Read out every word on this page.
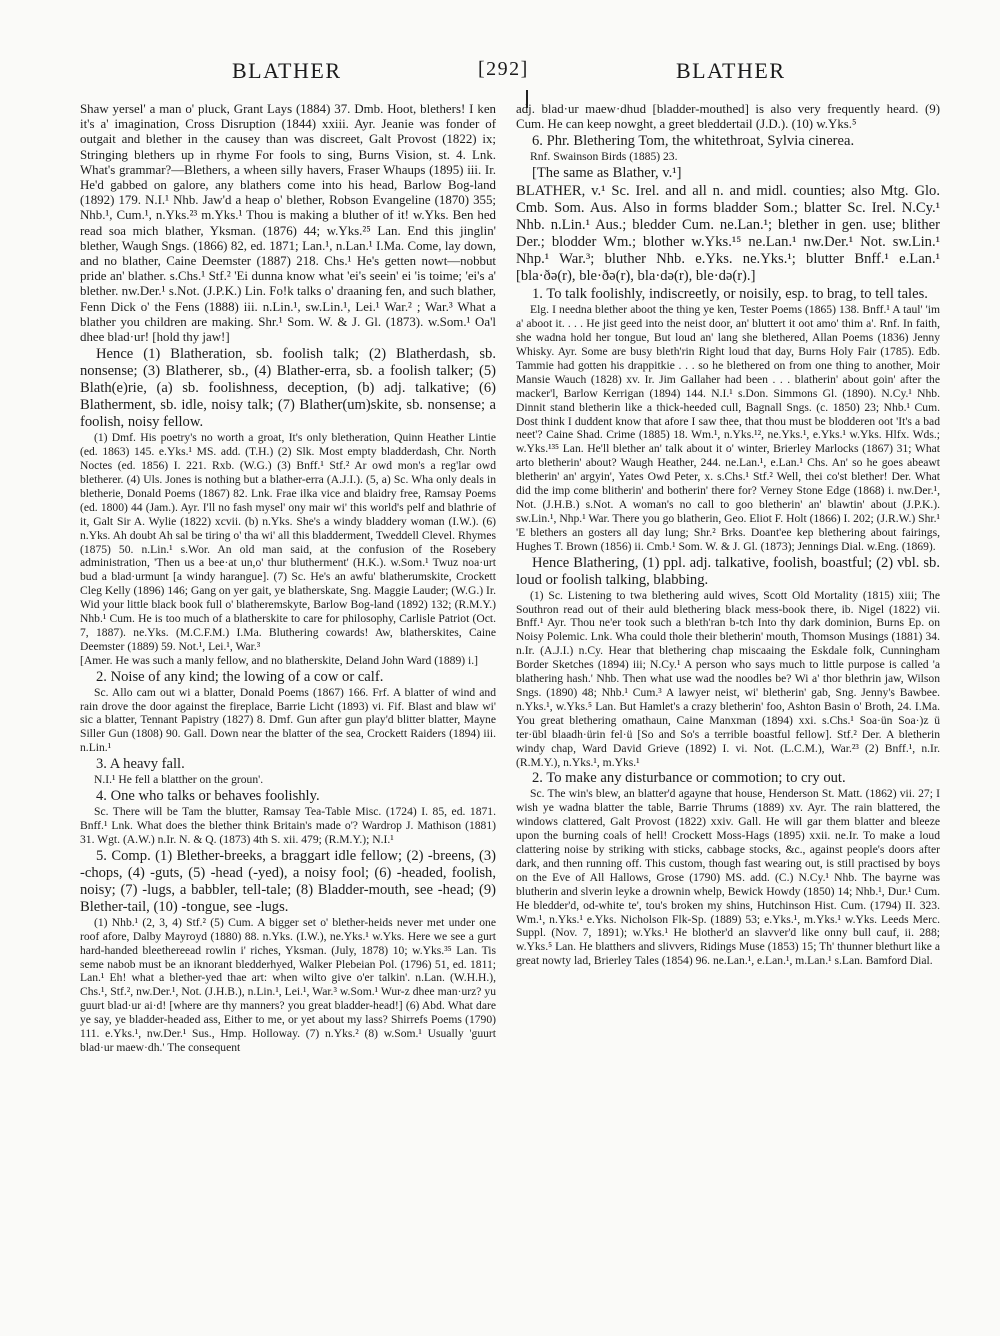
BLATHER	[292]	BLATHER

Shaw yersel' a man o' pluck, Grant Lays (1884) 37. Dmb. Hoot, blethers! I ken it's a' imagination, Cross Disruption (1844) xxiii. Ayr. Jeanie was fonder of outgait and blether in the causey than was discreet, Galt Provost (1822) ix; Stringing blethers up in rhyme For fools to sing, Burns Vision, st. 4. Lnk. What's grammar?—Blethers, a wheen silly havers, Fraser Whaups (1895) iii. Ir. He'd gabbed on galore, any blathers come into his head, Barlow Bog-land (1892) 179. N.I.¹ Nhb. Jaw'd a heap o' blether, Robson Evangeline (1870) 355; Nhb.¹, Cum.¹, n.Yks.²³ m.Yks.¹ Thou is making a bluther of it! w.Yks. Ben hed read soa mich blather, Yksman. (1876) 44; w.Yks.²⁵ Lan. End this jinglin' blether, Waugh Sngs. (1866) 82, ed. 1871; Lan.¹, n.Lan.¹ I.Ma. Come, lay down, and no blather, Caine Deemster (1887) 218. Chs.¹ He's getten nowt—nobbut pride an' blather. s.Chs.¹ Stf.² 'Ei dunna know what 'ei's seein' ei 'is toime; 'ei's a' blether. nw.Der.¹ s.Not. (J.P.K.) Lin. Fo!k talks o' draaning fen, and such blather, Fenn Dick o' the Fens (1888) iii. n.Lin.¹, sw.Lin.¹, Lei.¹ War.² ; War.³ What a blather you children are making. Shr.¹ Som. W. & J. Gl. (1873). w.Som.¹ Oa'l dhee blad·ur! [hold thy jaw!]

Hence (1) Blatheration, sb. foolish talk; (2) Blatherdash, sb. nonsense; (3) Blatherer, sb., (4) Blather-erra, sb. a foolish talker; (5) Blath(e)rie, (a) sb. foolishness, deception, (b) adj. talkative; (6) Blatherment, sb. idle, noisy talk; (7) Blather(um)skite, sb. nonsense; a foolish, noisy fellow.

(1) Dmf. His poetry's no worth a groat, It's only bletheration, Quinn Heather Lintie (ed. 1863) 145. e.Yks.¹ MS. add. (T.H.) (2) Slk. Most empty bladderdash, Chr. North Noctes (ed. 1856) I. 221. Rxb. (W.G.) (3) Bnff.¹ Stf.² Ar owd mon's a reg'lar owd bletherer. (4) Uls. Jones is nothing but a blather-erra (A.J.I.). (5, a) Sc. Wha only deals in bletherie, Donald Poems (1867) 82. Lnk. Frae ilka vice and blaidry free, Ramsay Poems (ed. 1800) 44 (Jam.). Ayr. I'll no fash mysel' ony mair wi' this world's pelf and blathrie of it, Galt Sir A. Wylie (1822) xcvii. (b) n.Yks. She's a windy bladdery woman (I.W.). (6) n.Yks. Ah doubt Ah sal be tiring o' tha wi' all this bladderment, Tweddell Clevel. Rhymes (1875) 50. n.Lin.¹ s.Wor. An old man said, at the confusion of the Rosebery administration, 'Then us a bee·at un,o' thur blutherment' (H.K.). w.Som.¹ Twuz noa·urt bud a blad·urmunt [a windy harangue]. (7) Sc. He's an awfu' blatherumskite, Crockett Cleg Kelly (1896) 146; Gang on yer gait, ye blatherskate, Sng. Maggie Lauder; (W.G.) Ir. Wid your little black book full o' blatheremskyte, Barlow Bog-land (1892) 132; (R.M.Y.) Nhb.¹ Cum. He is too much of a blatherskite to care for philosophy, Carlisle Patriot (Oct. 7, 1887). ne.Yks. (M.C.F.M.) I.Ma. Bluthering cowards! Aw, blatherskites, Caine Deemster (1889) 59. Not.¹, Lei.¹, War.³

[Amer. He was such a manly fellow, and no blatherskite, Deland John Ward (1889) i.]

2. Noise of any kind; the lowing of a cow or calf.

Sc. Allo cam out wi a blatter, Donald Poems (1867) 166. Frf. A blatter of wind and rain drove the door against the fireplace, Barrie Licht (1893) vi. Fif. Blast and blaw wi' sic a blatter, Tennant Papistry (1827) 8. Dmf. Gun after gun play'd blitter blatter, Mayne Siller Gun (1808) 90. Gall. Down near the blatter of the sea, Crockett Raiders (1894) iii. n.Lin.¹

3. A heavy fall.

N.I.¹ He fell a blatther on the groun'.

4. One who talks or behaves foolishly.

Sc. There will be Tam the blutter, Ramsay Tea-Table Misc. (1724) I. 85, ed. 1871. Bnff.¹ Lnk. What does the blether think Britain's made o'? Wardrop J. Mathison (1881) 31. Wgt. (A.W.) n.Ir. N. & Q. (1873) 4th S. xii. 479; (R.M.Y.); N.I.¹

5. Comp. (1) Blether-breeks, a braggart idle fellow; (2) -breens, (3) -chops, (4) -guts, (5) -head (-yed), a noisy fool; (6) -headed, foolish, noisy; (7) -lugs, a babbler, tell-tale; (8) Bladder-mouth, see -head; (9) Blether-tail, (10) -tongue, see -lugs.

(1) Nhb.¹ (2, 3, 4) Stf.² (5) Cum. A bigger set o' blether-heids never met under one roof afore, Dalby Mayroyd (1880) 88. n.Yks. (I.W.), ne.Yks.¹ w.Yks. Here we see a gurt hard-handed bleethereead rowlin i' riches, Yksman. (July, 1878) 10; w.Yks.³⁵ Lan. Tis seme nabob must be an iknorant bledderhyed, Walker Plebeian Pol. (1796) 51, ed. 1811; Lan.¹ Eh! what a blether-yed thae art: when wilto give o'er talkin'. n.Lan. (W.H.H.), Chs.¹, Stf.², nw.Der.¹, Not. (J.H.B.), n.Lin.¹, Lei.¹, War.³ w.Som.¹ Wur-z dhee man·urz? yu guurt blad·ur ai·d! [where are thy manners? you great bladder-head!] (6) Abd. What dare ye say, ye bladder-headed ass, Either to me, or yet about my lass? Shirrefs Poems (1790) 111. e.Yks.¹, nw.Der.¹ Sus., Hmp. Holloway. (7) n.Yks.² (8) w.Som.¹ Usually 'guurt blad·ur maew·dh.' The consequent

adj. blad·ur maew·dhud [bladder-mouthed] is also very frequently heard. (9) Cum. He can keep nowght, a greet bleddertail (J.D.). (10) w.Yks.⁵

6. Phr. Blethering Tom, the whitethroat, Sylvia cinerea.

Rnf. Swainson Birds (1885) 23.

[The same as Blather, v.¹]

BLATHER, v.¹ Sc. Irel. and all n. and midl. counties; also Mtg. Glo. Cmb. Som. Aus. Also in forms bladder Som.; blatter Sc. Irel. N.Cy.¹ Nhb. n.Lin.¹ Aus.; bledder Cum. ne.Lan.¹; blether in gen. use; blither Der.; blodder Wm.; blother w.Yks.¹⁵ ne.Lan.¹ nw.Der.¹ Not. sw.Lin.¹ Nhp.¹ War.³; bluther Nhb. e.Yks. ne.Yks.¹; blutter Bnff.¹ e.Lan.¹ [bla·ðə(r), ble·ðə(r), bla·də(r), ble·də(r).]

1. To talk foolishly, indiscreetly, or noisily, esp. to brag, to tell tales.

Elg. I needna blether aboot the thing ye ken, Tester Poems (1865) 138. Bnff.¹ A taul' 'im a' aboot it. . . . He jist geed into the neist door, an' bluttert it oot amo' thim a'. Rnf. In faith, she wadna hold her tongue, But loud an' lang she blethered, Allan Poems (1836) Jenny Whisky. Ayr. Some are busy bleth'rin Right loud that day, Burns Holy Fair (1785). Edb. Tammie had gotten his drappitkie . . . so he blethered on from one thing to another, Moir Mansie Wauch (1828) xv. Ir. Jim Gallaher had been . . . blatherin' about goin' after the macker'l, Barlow Kerrigan (1894) 144. N.I.¹ s.Don. Simmons Gl. (1890). N.Cy.¹ Nhb. Dinnit stand bletherin like a thick-heeded cull, Bagnall Sngs. (c. 1850) 23; Nhb.¹ Cum. Dost think I duddent know that afore I saw thee, that thou must be blodderen oot 'It's a bad neet'? Caine Shad. Crime (1885) 18. Wm.¹, n.Yks.¹², ne.Yks.¹, e.Yks.¹ w.Yks. Hlfx. Wds.; w.Yks.¹³⁵ Lan. He'll blether an' talk about it o' winter, Brierley Marlocks (1867) 31; What arto bletherin' about? Waugh Heather, 244. ne.Lan.¹, e.Lan.¹ Chs. An' so he goes abeawt bletherin' an' argyin', Yates Owd Peter, x. s.Chs.¹ Stf.² Well, thei co'st blether! Der. What did the imp come blitherin' and botherin' there for? Verney Stone Edge (1868) i. nw.Der.¹, Not. (J.H.B.) s.Not. A woman's no call to goo bletherin' an' blawtin' about (J.P.K.). sw.Lin.¹, Nhp.¹ War. There you go blatherin, Geo. Eliot F. Holt (1866) I. 202; (J.R.W.) Shr.¹ 'E blethers an gosters all day lung; Shr.² Brks. Doant'ee kep blethering about fairings, Hughes T. Brown (1856) ii. Cmb.¹ Som. W. & J. Gl. (1873); Jennings Dial. w.Eng. (1869).

Hence Blathering, (1) ppl. adj. talkative, foolish, boastful; (2) vbl. sb. loud or foolish talking, blabbing.

(1) Sc. Listening to twa blethering auld wives, Scott Old Mortality (1815) xiii; The Southron read out of their auld blethering black mess-book there, ib. Nigel (1822) vii. Bnff.¹ Ayr. Thou ne'er took such a bleth'ran b-tch Into thy dark dominion, Burns Ep. on Noisy Polemic. Lnk. Wha could thole their bletherin' mouth, Thomson Musings (1881) 34. n.Ir. (A.J.I.) n.Cy. Hear that blethering chap miscaaing the Eskdale folk, Cunningham Border Sketches (1894) iii; N.Cy.¹ A person who says much to little purpose is called 'a blathering hash.' Nhb. Then what use wad the noodles be? Wi a' thor blethrin jaw, Wilson Sngs. (1890) 48; Nhb.¹ Cum.³ A lawyer neist, wi' bletherin' gab, Sng. Jenny's Bawbee. n.Yks.¹, w.Yks.⁵ Lan. But Hamlet's a crazy bletherin' foo, Ashton Basin o' Broth, 24. I.Ma. You great blethering omathaun, Caine Manxman (1894) xxi. s.Chs.¹ Soa·ün Soa·)z ü ter·übl blaadh·ürin fel·ü [So and So's a terrible boastful fellow]. Stf.² Der. A bletherin windy chap, Ward David Grieve (1892) I. vi. Not. (L.C.M.), War.²³ (2) Bnff.¹, n.Ir. (R.M.Y.), n.Yks.¹, m.Yks.¹

2. To make any disturbance or commotion; to cry out.

Sc. The win's blew, an blatter'd agayne that house, Henderson St. Matt. (1862) vii. 27; I wish ye wadna blatter the table, Barrie Thrums (1889) xv. Ayr. The rain blattered, the windows clattered, Galt Provost (1822) xxiv. Gall. He will gar them blatter and bleeze upon the burning coals of hell! Crockett Moss-Hags (1895) xxii. ne.Ir. To make a loud clattering noise by striking with sticks, cabbage stocks, &c., against people's doors after dark, and then running off. This custom, though fast wearing out, is still practised by boys on the Eve of All Hallows, Grose (1790) MS. add. (C.) N.Cy.¹ Nhb. The bayrne was blutherin and slverin leyke a drownin whelp, Bewick Howdy (1850) 14; Nhb.¹, Dur.¹ Cum. He bledder'd, od-white te', tou's broken my shins, Hutchinson Hist. Cum. (1794) II. 323. Wm.¹, n.Yks.¹ e.Yks. Nicholson Flk-Sp. (1889) 53; e.Yks.¹, m.Yks.¹ w.Yks. Leeds Merc. Suppl. (Nov. 7, 1891); w.Yks.¹ He blother'd an slavver'd like onny bull cauf, ii. 288; w.Yks.⁵ Lan. He blatthers and slivvers, Ridings Muse (1853) 15; Th' thunner blethurt like a great nowty lad, Brierley Tales (1854) 96. ne.Lan.¹, e.Lan.¹, m.Lan.¹ s.Lan. Bamford Dial.
